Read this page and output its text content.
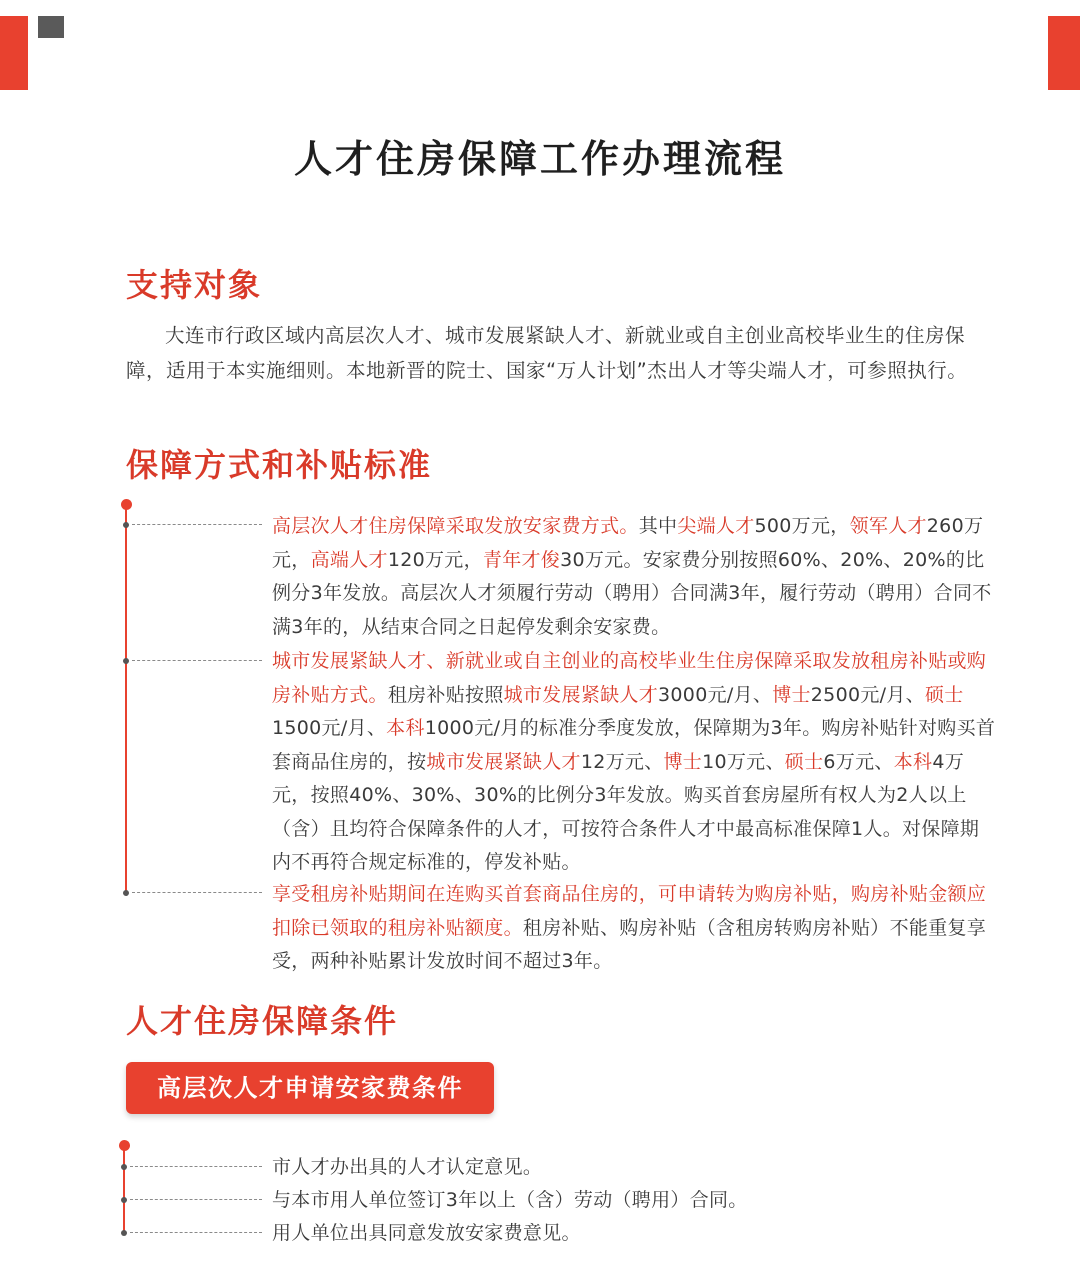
人才住房保障工作办理流程
支持对象
大连市行政区域内高层次人才、城市发展紧缺人才、新就业或自主创业高校毕业生的住房保障，适用于本实施细则。本地新晋的院士、国家“万人计划”杰出人才等尖端人才，可参照执行。
保障方式和补贴标准
高层次人才住房保障采取发放安家费方式。其中尖端人才500万元，领军人才260万元，高端人才120万元，青年才俊30万元。安家费分别按照60%、20%、20%的比例分3年发放。高层次人才须履行劳动（聘用）合同满3年，履行劳动（聘用）合同不满3年的，从结束合同之日起停发剩余安家费。
城市发展紧缺人才、新就业或自主创业的高校毕业生住房保障采取发放租房补贴或购房补贴方式。租房补贴按照城市发展紧缺人才3000元/月、博士2500元/月、硕士1500元/月、本科1000元/月的标准分季度发放，保障期为3年。购房补贴针对购买首套商品住房的，按城市发展紧缺人才12万元、博士10万元、硕士6万元、本科4万元，按照40%、30%、30%的比例分3年发放。购买首套房屋所有权人为2人以上（含）且均符合保障条件的人才，可按符合条件人才中最高标准保障1人。对保障期内不再符合规定标准的，停发补贴。
享受租房补贴期间在连购买首套商品住房的，可申请转为购房补贴，购房补贴金额应扣除已领取的租房补贴额度。租房补贴、购房补贴（含租房转购房补贴）不能重复享受，两种补贴累计发放时间不超过3年。
人才住房保障条件
高层次人才申请安家费条件
市人才办出具的人才认定意见。
与本市用人单位签订3年以上（含）劳动（聘用）合同。
用人单位出具同意发放安家费意见。
